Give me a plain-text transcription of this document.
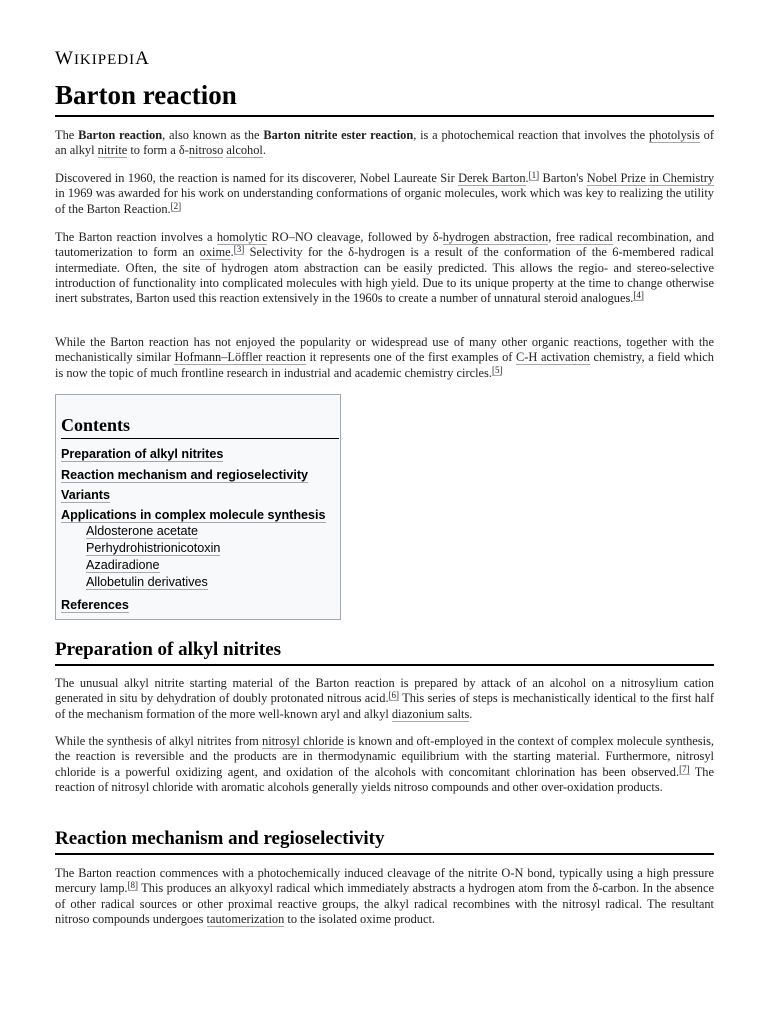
WIKIPEDIA
Barton reaction

The Barton reaction, also known as the Barton nitrite ester reaction, is a photochemical reaction that involves the photolysis of an alkyl nitrite to form a δ-nitroso alcohol.

Discovered in 1960, the reaction is named for its discoverer, Nobel Laureate Sir Derek Barton.[1] Barton's Nobel Prize in Chemistry in 1969 was awarded for his work on understanding conformations of organic molecules, work which was key to realizing the utility of the Barton Reaction.[2]

The Barton reaction involves a homolytic RO–NO cleavage, followed by δ-hydrogen abstraction, free radical recombination, and tautomerization to form an oxime.[3] Selectivity for the δ-hydrogen is a result of the conformation of the 6-membered radical intermediate. Often, the site of hydrogen atom abstraction can be easily predicted. This allows the regio- and stereo-selective introduction of functionality into complicated molecules with high yield. Due to its unique property at the time to change otherwise inert substrates, Barton used this reaction extensively in the 1960s to create a number of unnatural steroid analogues.[4]

While the Barton reaction has not enjoyed the popularity or widespread use of many other organic reactions, together with the mechanistically similar Hofmann–Löffler reaction it represents one of the first examples of C-H activation chemistry, a field which is now the topic of much frontline research in industrial and academic chemistry circles.[5]

Contents
Preparation of alkyl nitrites
Reaction mechanism and regioselectivity
Variants
Applications in complex molecule synthesis
Aldosterone acetate
Perhydrohistrionicotoxin
Azadiradione
Allobetulin derivatives
References
Preparation of alkyl nitrites

The unusual alkyl nitrite starting material of the Barton reaction is prepared by attack of an alcohol on a nitrosylium cation generated in situ by dehydration of doubly protonated nitrous acid.[6] This series of steps is mechanistically identical to the first half of the mechanism formation of the more well-known aryl and alkyl diazonium salts.

While the synthesis of alkyl nitrites from nitrosyl chloride is known and oft-employed in the context of complex molecule synthesis, the reaction is reversible and the products are in thermodynamic equilibrium with the starting material. Furthermore, nitrosyl chloride is a powerful oxidizing agent, and oxidation of the alcohols with concomitant chlorination has been observed.[7] The reaction of nitrosyl chloride with aromatic alcohols generally yields nitroso compounds and other over-oxidation products.

Reaction mechanism and regioselectivity

The Barton reaction commences with a photochemically induced cleavage of the nitrite O-N bond, typically using a high pressure mercury lamp.[8] This produces an alkyoxyl radical which immediately abstracts a hydrogen atom from the δ-carbon. In the absence of other radical sources or other proximal reactive groups, the alkyl radical recombines with the nitrosyl radical. The resultant nitroso compounds undergoes tautomerization to the isolated oxime product.
